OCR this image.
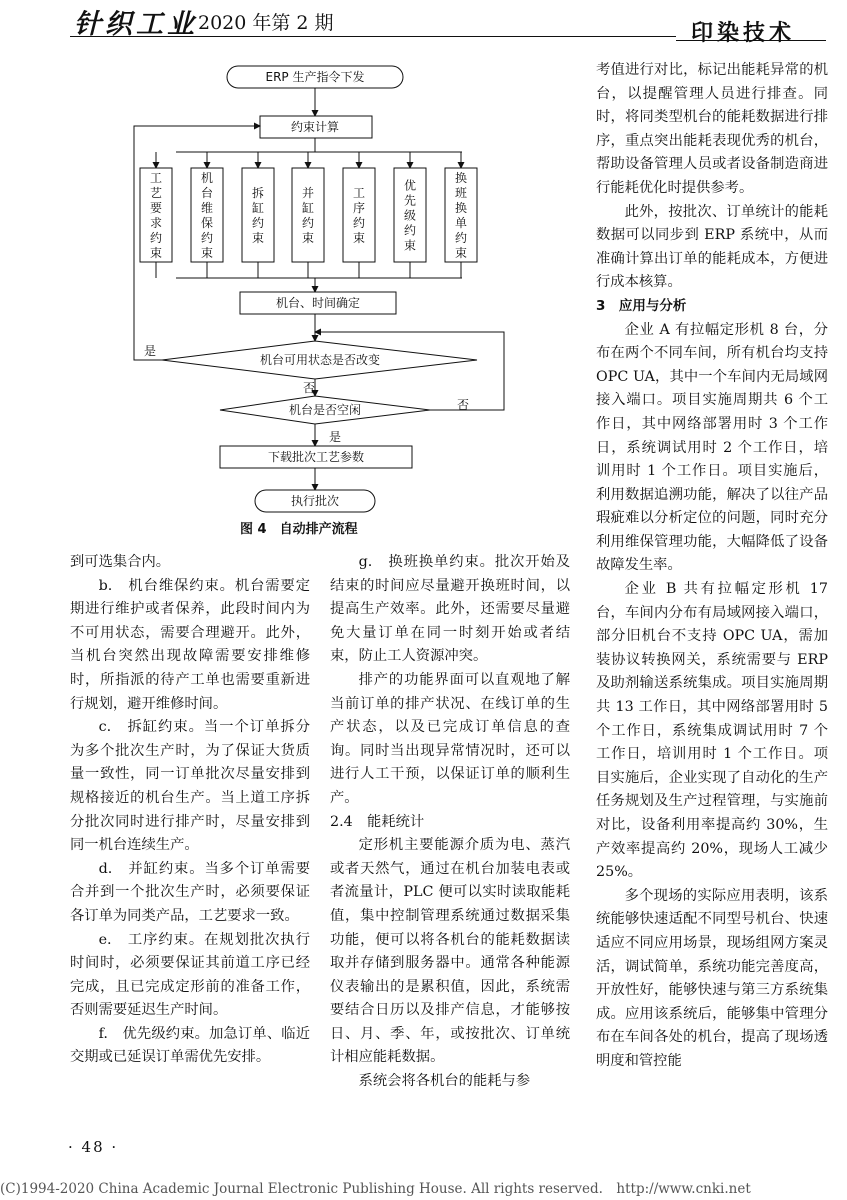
针织工业 2020 年第 2 期	印染技术
工
艺
要
求
约
束
机
台
维
保
约
束
拆
缸
约
束
并
缸
约
束
工
序
约
束
优
先
级
约
束
换
班
换
单
约
束
ERP 生产指令下发
约束计算
机台、时间确定
机台可用状态是否改变
机台是否空闲
下载批次工艺参数
执行批次
是
否
否
是
图 4　自动排产流程

到可选集合内。

b.　机台维保约束。机台需要定期进行维护或者保养，此段时间内为不可用状态，需要合理避开。此外，当机台突然出现故障需要安排维修时，所指派的待产工单也需要重新进行规划，避开维修时间。

c.　拆缸约束。当一个订单拆分为多个批次生产时，为了保证大货质量一致性，同一订单批次尽量安排到规格接近的机台生产。当上道工序拆分批次同时进行排产时，尽量安排到同一机台连续生产。

d.　并缸约束。当多个订单需要合并到一个批次生产时，必须要保证各订单为同类产品，工艺要求一致。

e.　工序约束。在规划批次执行时间时，必须要保证其前道工序已经完成，且已完成定形前的准备工作，否则需要延迟生产时间。

f.　优先级约束。加急订单、临近交期或已延误订单需优先安排。

g.　换班换单约束。批次开始及结束的时间应尽量避开换班时间，以提高生产效率。此外，还需要尽量避免大量订单在同一时刻开始或者结束，防止工人资源冲突。

排产的功能界面可以直观地了解当前订单的排产状况、在线订单的生产状态，以及已完成订单信息的查询。同时当出现异常情况时，还可以进行人工干预，以保证订单的顺利生产。

2.4　能耗统计

定形机主要能源介质为电、蒸汽或者天然气，通过在机台加装电表或者流量计，PLC 便可以实时读取能耗值，集中控制管理系统通过数据采集功能，便可以将各机台的能耗数据读取并存储到服务器中。通常各种能源仪表输出的是累积值，因此，系统需要结合日历以及排产信息，才能够按日、月、季、年，或按批次、订单统计相应能耗数据。

系统会将各机台的能耗与参

考值进行对比，标记出能耗异常的机台，以提醒管理人员进行排查。同时，将同类型机台的能耗数据进行排序，重点突出能耗表现优秀的机台，帮助设备管理人员或者设备制造商进行能耗优化时提供参考。

此外，按批次、订单统计的能耗数据可以同步到 ERP 系统中，从而准确计算出订单的能耗成本，方便进行成本核算。

3　应用与分析

企业 A 有拉幅定形机 8 台，分布在两个不同车间，所有机台均支持 OPC UA，其中一个车间内无局域网接入端口。项目实施周期共 6 个工作日，其中网络部署用时 3 个工作日，系统调试用时 2 个工作日，培训用时 1 个工作日。项目实施后，利用数据追溯功能，解决了以往产品瑕疵难以分析定位的问题，同时充分利用维保管理功能，大幅降低了设备故障发生率。

企业 B 共有拉幅定形机 17 台，车间内分布有局域网接入端口，部分旧机台不支持 OPC UA，需加装协议转换网关，系统需要与 ERP 及助剂输送系统集成。项目实施周期共 13 工作日，其中网络部署用时 5 个工作日，系统集成调试用时 7 个工作日，培训用时 1 个工作日。项目实施后，企业实现了自动化的生产任务规划及生产过程管理，与实施前对比，设备利用率提高约 30%，生产效率提高约 20%，现场人工减少 25%。

多个现场的实际应用表明，该系统能够快速适配不同型号机台、快速适应不同应用场景，现场组网方案灵活，调试简单，系统功能完善度高，开放性好，能够快速与第三方系统集成。应用该系统后，能够集中管理分布在车间各处的机台，提高了现场透明度和管控能

· 48 ·
(C)1994-2020 China Academic Journal Electronic Publishing House. All rights reserved.　http://www.cnki.net
